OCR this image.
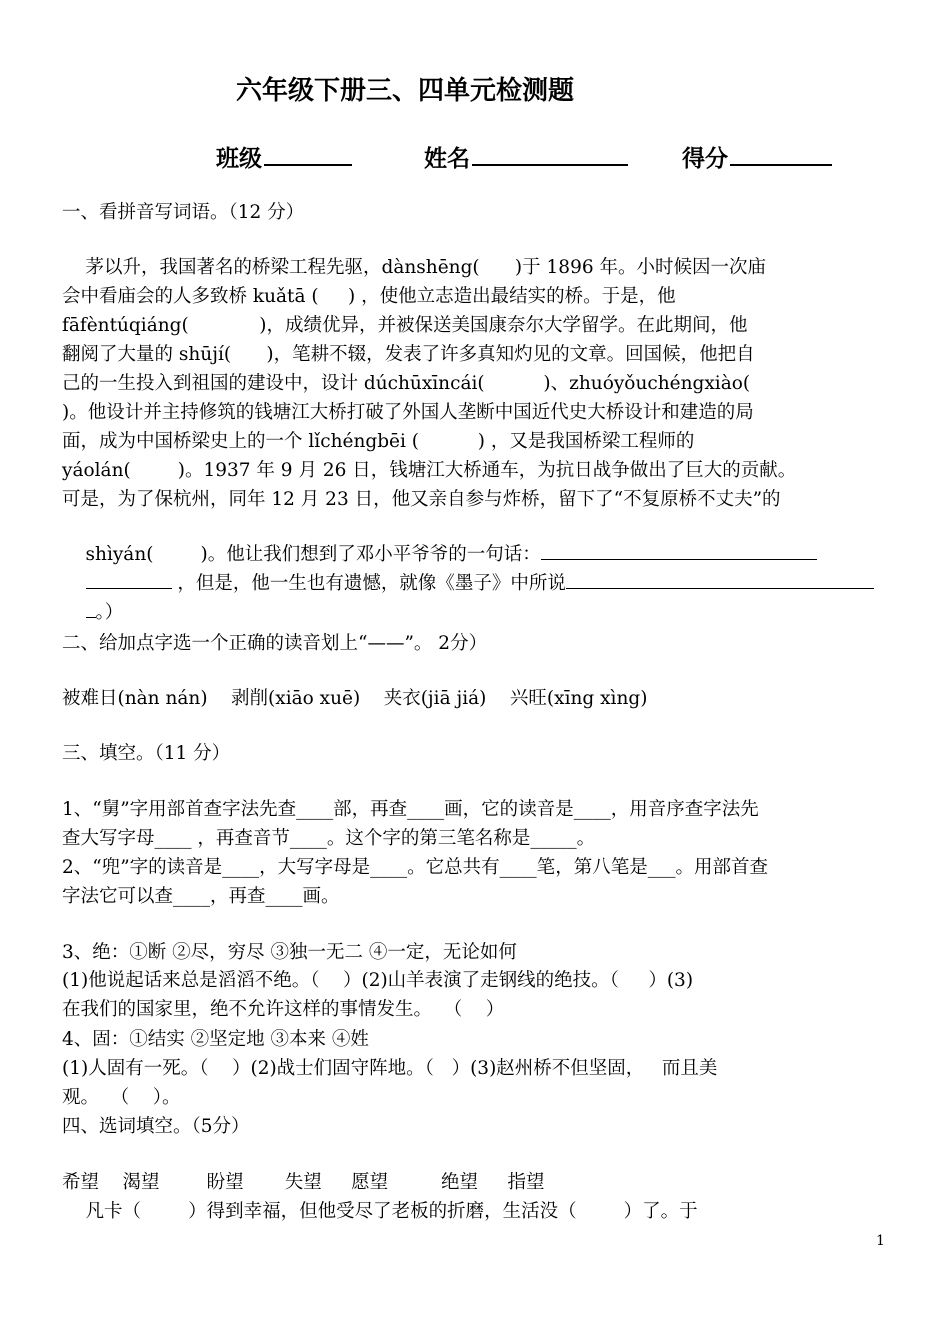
六年级下册三、四单元检测题
班级	姓名	得分
一、看拼音写词语。（12 分）
茅以升，我国著名的桥梁工程先驱，dànshēng(      )于 1896 年。小时候因一次庙
会中看庙会的人多致桥 kuǎtā (     ) ，使他立志造出最结实的桥。于是，他
fāfèntúqiáng(            )，成绩优异，并被保送美国康奈尔大学留学。在此期间，他
翻阅了大量的 shūjí(      )，笔耕不辍，发表了许多真知灼见的文章。回国候，他把自
己的一生投入到祖国的建设中，设计 dúchūxīncái(          )、zhuóyǒuchéngxiào(
)。他设计并主持修筑的钱塘江大桥打破了外国人垄断中国近代史大桥设计和建造的局
面，成为中国桥梁史上的一个 lǐchéngbēi (          ) ，又是我国桥梁工程师的
yáolán(        )。1937 年 9 月 26 日，钱塘江大桥通车，为抗日战争做出了巨大的贡献。
可是，为了保杭州，同年 12 月 23 日，他又亲自参与炸桥，留下了“不复原桥不丈夫”的

shìyán(        )。他让我们想到了邓小平爷爷的一句话：

，但是，他一生也有遗憾，就像《墨子》中所说

。）

二、给加点字选一个正确的读音划上“——”。 2分）
被难日(nàn nán)    剥削(xiāo xuē)    夹衣(jiā jiá)    兴旺(xīng xìng)
三、填空。（11 分）
1、“舅”字用部首查字法先查____部，再查____画，它的读音是____，用音序查字法先
查大写字母____ ，再查音节____。这个字的第三笔名称是_____。
2、“兜”字的读音是____，大写字母是____。它总共有____笔，第八笔是___。用部首查
字法它可以查____，再查____画。
3、绝：①断 ②尽，穷尽 ③独一无二 ④一定，无论如何
(1)他说起话来总是滔滔不绝。（    ）(2)山羊表演了走钢线的绝技。（     ）(3)
在我们的国家里，绝不允许这样的事情发生。  （    ）
4、固：①结实 ②坚定地 ③本来 ④姓
(1)人固有一死。（    ）(2)战士们固守阵地。（   ）(3)赵州桥不但坚固，   而且美
观。  （    ）。
四、选词填空。（5分）
希望    渴望        盼望       失望     愿望         绝望     指望
凡卡（        ）得到幸福，但他受尽了老板的折磨，生活没（        ）了。于
1
